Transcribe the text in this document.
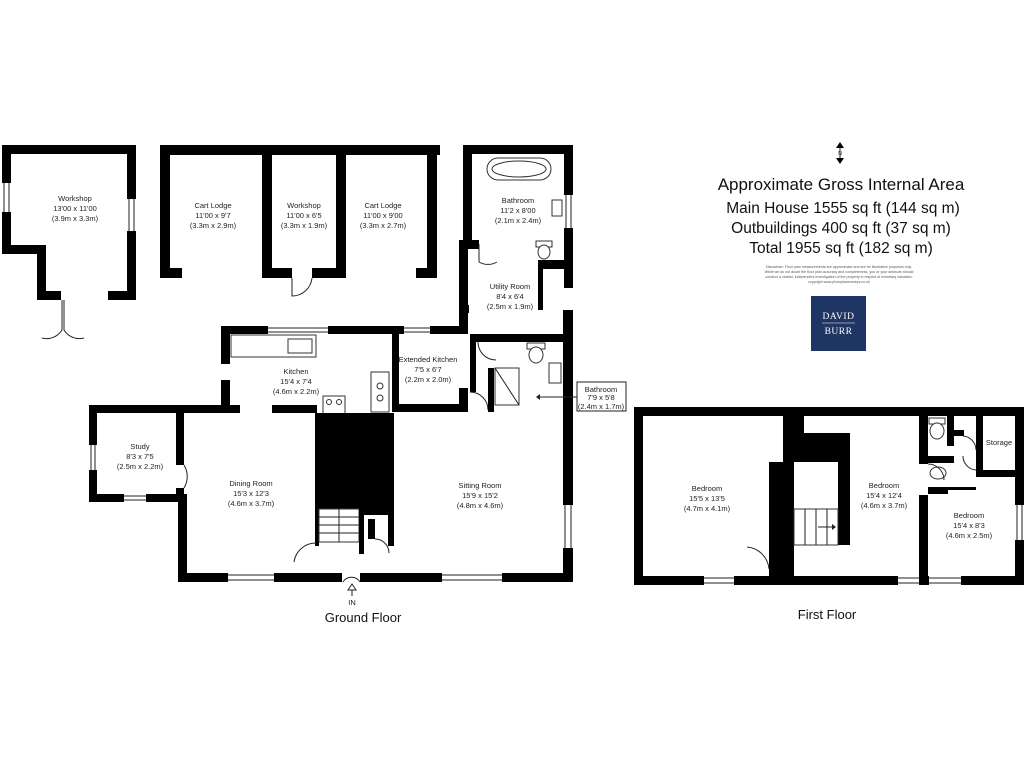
N
Approximate Gross Internal Area
Main House 1555 sq ft (144 sq m)
Outbuildings 400 sq ft (37 sq m)
Total 1955 sq ft (182 sq m)
Disclaimer: Floor plan measurements are approximate and are for illustrative purposes only.
While we do not doubt the floor plan accuracy and completeness, you or your advisors should
conduct a careful, independent investigation of the property in respect of monetary valuation.
copyright www.photoplansurveys.co.uk
DAVID
BURR
Workshop
13'00 x 11'00
(3.9m x 3.3m)
Cart Lodge
11'00 x 9'7
(3.3m x 2.9m)
Workshop
11'00 x 6'5
(3.3m x 1.9m)
Cart Lodge
11'00 x 9'00
(3.3m x 2.7m)
Bathroom
11'2 x 8'00
(2.1m x 2.4m)
Utility Room
8'4 x 6'4
(2.5m x 1.9m)
Kitchen
15'4 x 7'4
(4.6m x 2.2m)
Extended Kitchen
7'5 x 6'7
(2.2m x 2.0m)
Bathroom
7'9 x 5'8
(2.4m x 1.7m)
Study
8'3 x 7'5
(2.5m x 2.2m)
Dining Room
15'3 x 12'3
(4.6m x 3.7m)
Sitting Room
15'9 x 15'2
(4.8m x 4.6m)
IN
Ground Floor
Storage
Bedroom
15'5 x 13'5
(4.7m x 4.1m)
Bedroom
15'4 x 12'4
(4.6m x 3.7m)
Bedroom
15'4 x 8'3
(4.6m x 2.5m)
First Floor
